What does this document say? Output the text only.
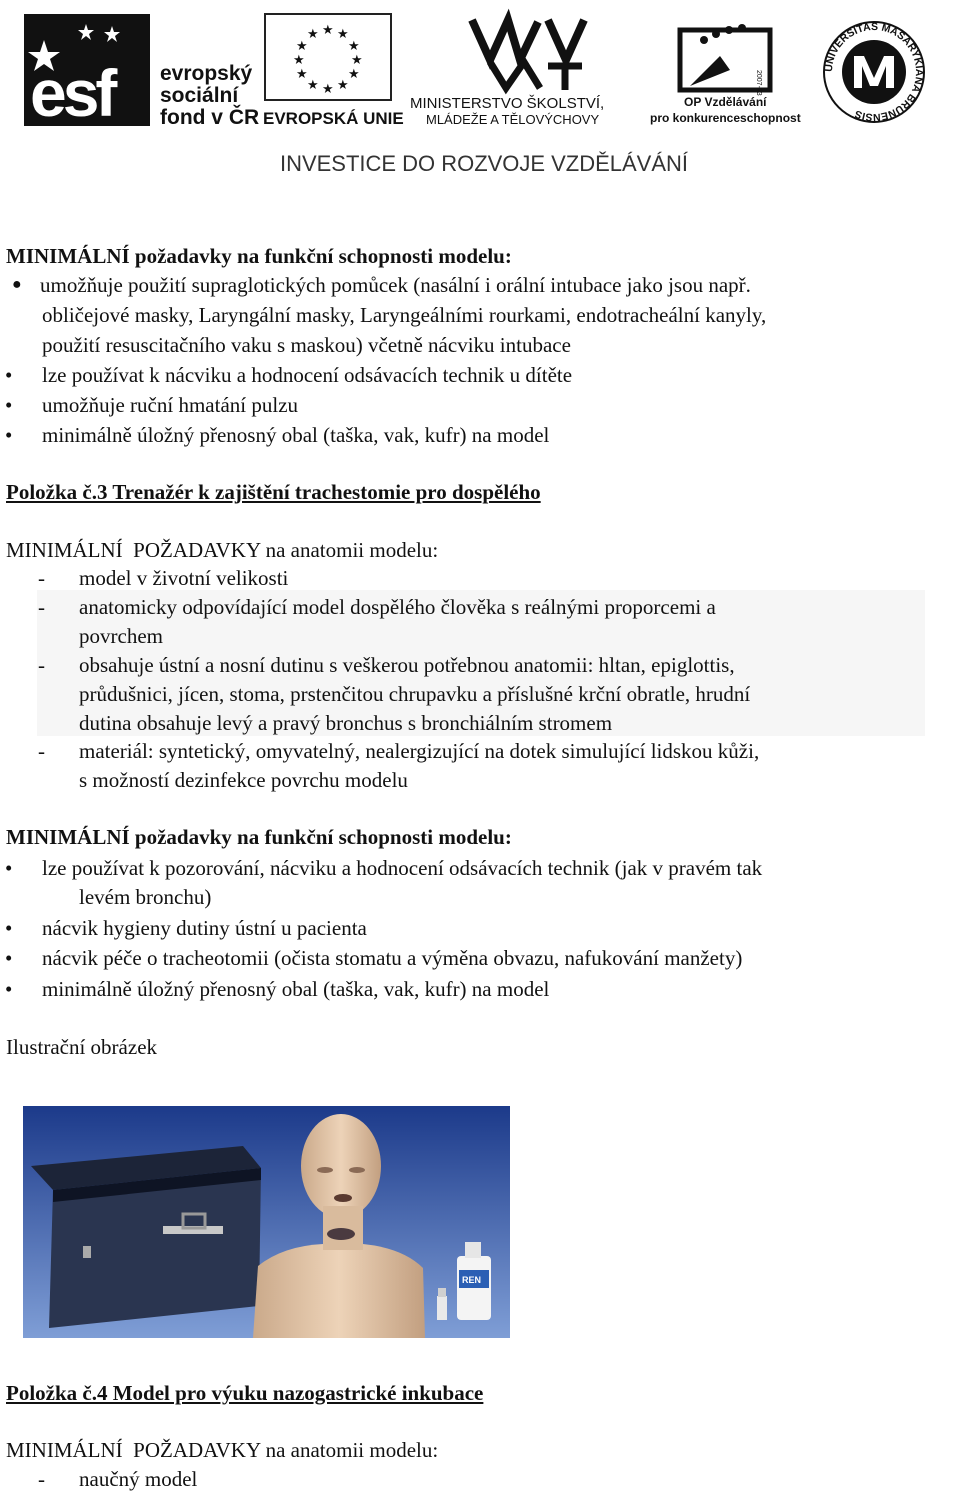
esf evropský
sociální
fond v ČR
★ ★
★
★
★
★
★
★
★
★
★
★
EVROPSKÁ UNIE
MINISTERSTVO ŠKOLSTVÍ,
MLÁDEŽE A TĚLOVÝCHOVY
2007-13
OP Vzdělávání
pro konkurenceschopnost
UNIVERSITAS MASARYKIANA BRUNENSIS
INVESTICE DO ROZVOJE VZDĚLÁVÁNÍ
MINIMÁLNÍ požadavky na funkční schopnosti modelu:
● umožňuje použití supraglotických pomůcek (nasální i orální intubace jako jsou např.
obličejové masky, Laryngální masky, Laryngeálními rourkami, endotracheální kanyly,
použití resuscitačního vaku s maskou) včetně nácviku intubace
• lze používat k nácviku a hodnocení odsávacích technik u dítěte
• umožňuje ruční hmatání pulzu
• minimálně úložný přenosný obal (taška, vak, kufr) na model
Položka č.3 Trenažér k zajištění trachestomie pro dospělého
MINIMÁLNÍ  POŽADAVKY na anatomii modelu:
- model v životní velikosti
- anatomicky odpovídající model dospělého člověka s reálnými proporcemi a
povrchem
- obsahuje ústní a nosní dutinu s veškerou potřebnou anatomii: hltan, epiglottis,
průdušnici, jícen, stoma, prstenčitou chrupavku a příslušné krční obratle, hrudní
dutina obsahuje levý a pravý bronchus s bronchiálním stromem
- materiál: syntetický, omyvatelný, nealergizující na dotek simulující lidskou kůži,
s možností dezinfekce povrchu modelu
MINIMÁLNÍ požadavky na funkční schopnosti modelu:
• lze používat k pozorování, nácviku a hodnocení odsávacích technik (jak v pravém tak
levém bronchu)
• nácvik hygieny dutiny ústní u pacienta
• nácvik péče o tracheotomii (očista stomatu a výměna obvazu, nafukování manžety)
• minimálně úložný přenosný obal (taška, vak, kufr) na model
Ilustrační obrázek
REN
Položka č.4 Model pro výuku nazogastrické inkubace
MINIMÁLNÍ  POŽADAVKY na anatomii modelu:
- naučný model
